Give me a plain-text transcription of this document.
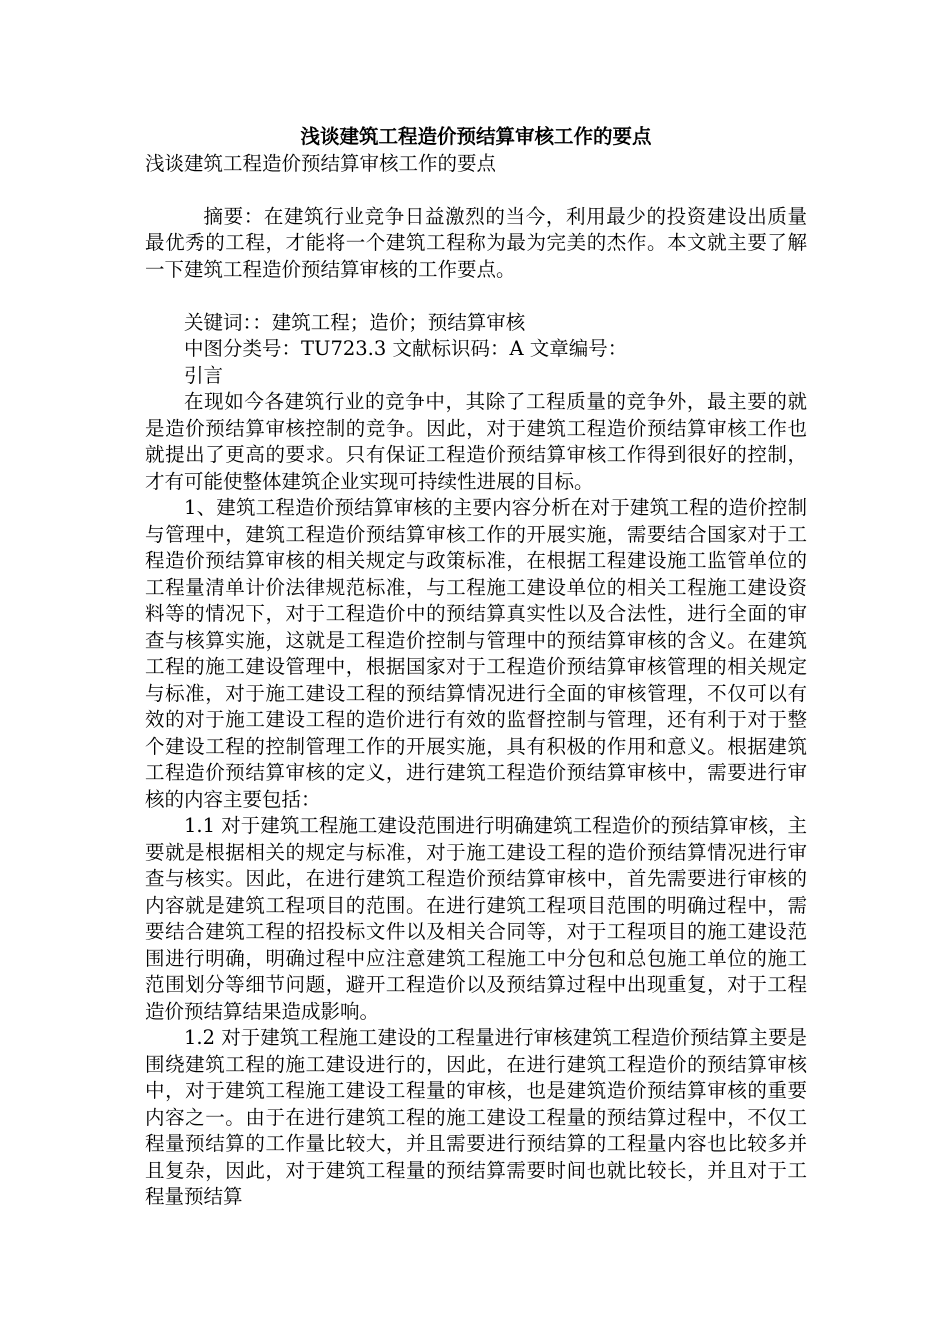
浅谈建筑工程造价预结算审核工作的要点

浅谈建筑工程造价预结算审核工作的要点

摘要：在建筑行业竞争日益激烈的当今，利用最少的投资建设出质量最优秀的工程，才能将一个建筑工程称为最为完美的杰作。本文就主要了解一下建筑工程造价预结算审核的工作要点。

关键词：：建筑工程；造价；预结算审核

中图分类号：TU723.3 文献标识码：A 文章编号：

引言

在现如今各建筑行业的竞争中，其除了工程质量的竞争外，最主要的就是造价预结算审核控制的竞争。因此，对于建筑工程造价预结算审核工作也就提出了更高的要求。只有保证工程造价预结算审核工作得到很好的控制，才有可能使整体建筑企业实现可持续性进展的目标。

1、建筑工程造价预结算审核的主要内容分析在对于建筑工程的造价控制与管理中，建筑工程造价预结算审核工作的开展实施，需要结合国家对于工程造价预结算审核的相关规定与政策标准，在根据工程建设施工监管单位的工程量清单计价法律规范标准，与工程施工建设单位的相关工程施工建设资料等的情况下，对于工程造价中的预结算真实性以及合法性，进行全面的审查与核算实施，这就是工程造价控制与管理中的预结算审核的含义。在建筑工程的施工建设管理中，根据国家对于工程造价预结算审核管理的相关规定与标准，对于施工建设工程的预结算情况进行全面的审核管理，不仅可以有效的对于施工建设工程的造价进行有效的监督控制与管理，还有利于对于整个建设工程的控制管理工作的开展实施，具有积极的作用和意义。根据建筑工程造价预结算审核的定义，进行建筑工程造价预结算审核中，需要进行审核的内容主要包括：

1.1 对于建筑工程施工建设范围进行明确建筑工程造价的预结算审核，主要就是根据相关的规定与标准，对于施工建设工程的造价预结算情况进行审查与核实。因此，在进行建筑工程造价预结算审核中，首先需要进行审核的内容就是建筑工程项目的范围。在进行建筑工程项目范围的明确过程中，需要结合建筑工程的招投标文件以及相关合同等，对于工程项目的施工建设范围进行明确，明确过程中应注意建筑工程施工中分包和总包施工单位的施工范围划分等细节问题，避开工程造价以及预结算过程中出现重复，对于工程造价预结算结果造成影响。

1.2 对于建筑工程施工建设的工程量进行审核建筑工程造价预结算主要是围绕建筑工程的施工建设进行的，因此，在进行建筑工程造价的预结算审核中，对于建筑工程施工建设工程量的审核，也是建筑造价预结算审核的重要内容之一。由于在进行建筑工程的施工建设工程量的预结算过程中，不仅工程量预结算的工作量比较大，并且需要进行预结算的工程量内容也比较多并且复杂，因此，对于建筑工程量的预结算需要时间也就比较长，并且对于工程量预结算
